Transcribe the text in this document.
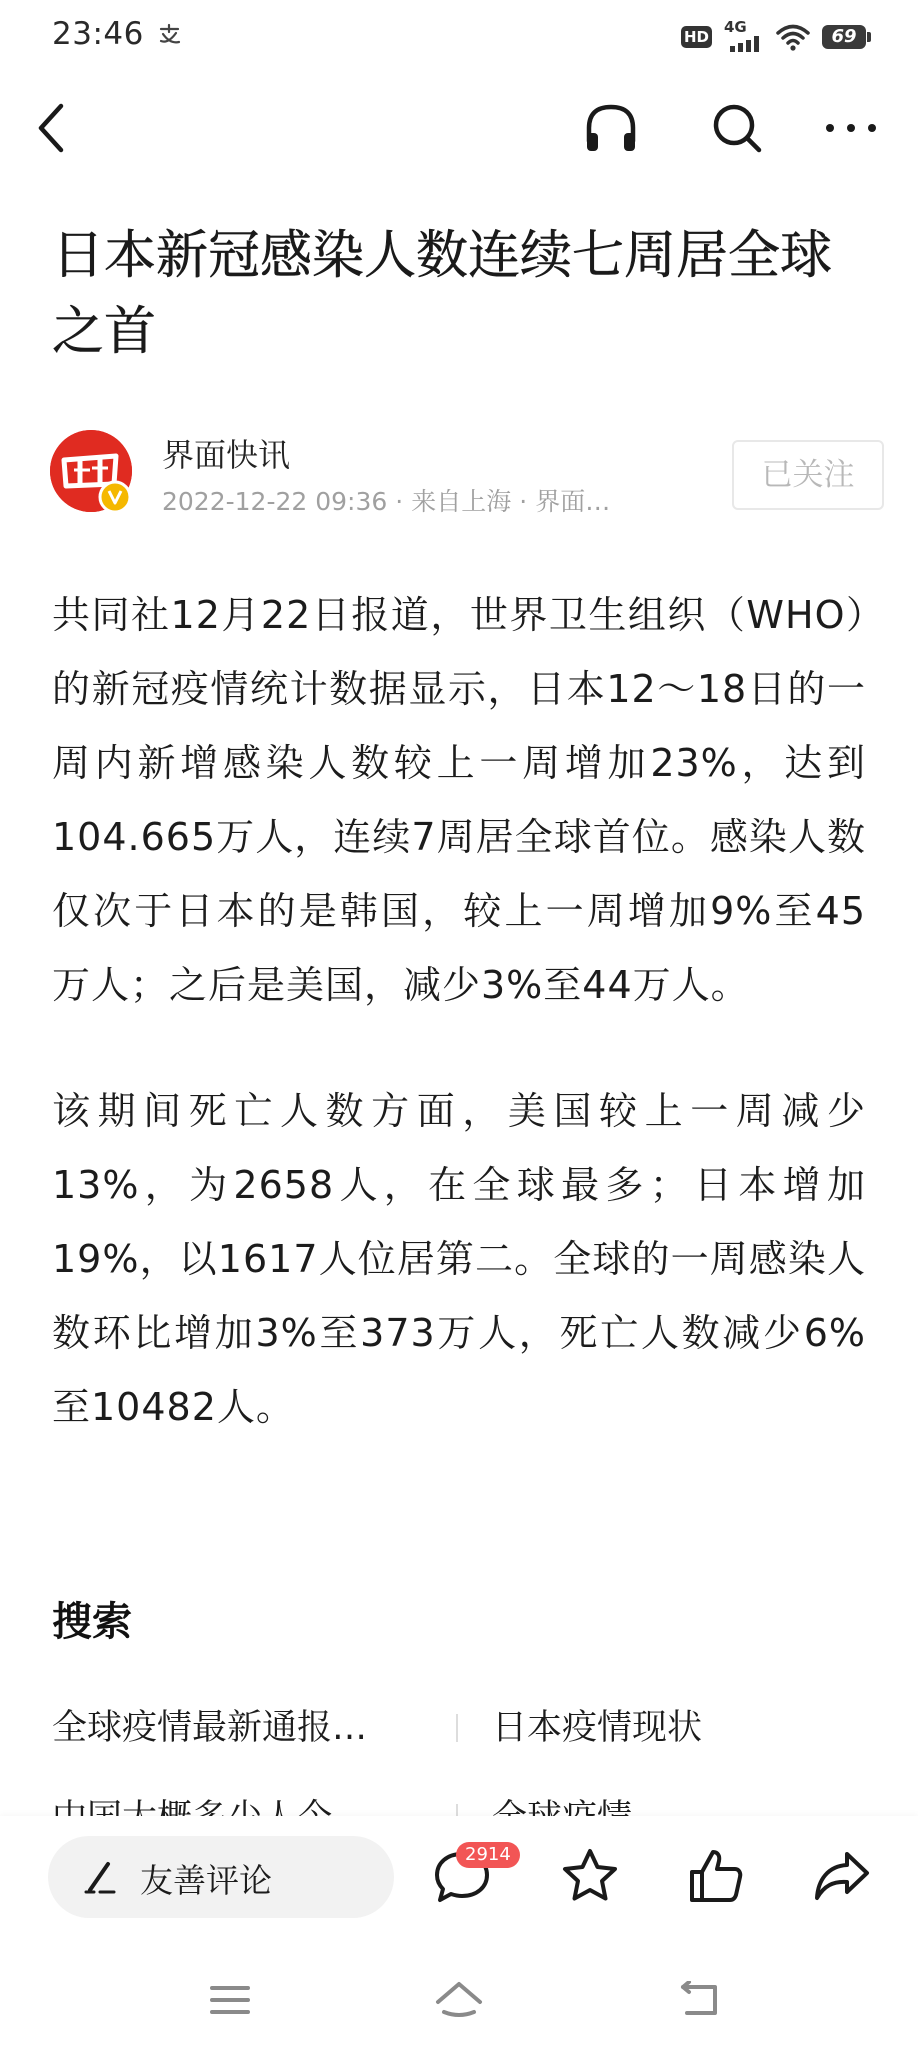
23:46	HD
4G	69
日本新冠感染人数连续七周居全球之首
界面快讯
2022-12-22 09:36 · 来自上海 · 界面…
已关注

共同社12月22日报道，世界卫生组织（WHO）的新冠疫情统计数据显示，日本12～18日的一周内新增感染人数较上一周增加23%，达到104.665万人，连续7周居全球首位。感染人数仅次于日本的是韩国，较上一周增加9%至45万人；之后是美国，减少3%至44万人。

该期间死亡人数方面，美国较上一周减少13%，为2658人，在全球最多；日本增加19%，以1617人位居第二。全球的一周感染人数环比增加3%至373万人，死亡人数减少6%至10482人。

搜索
全球疫情最新通报…	日本疫情现状
友善评论
2914
